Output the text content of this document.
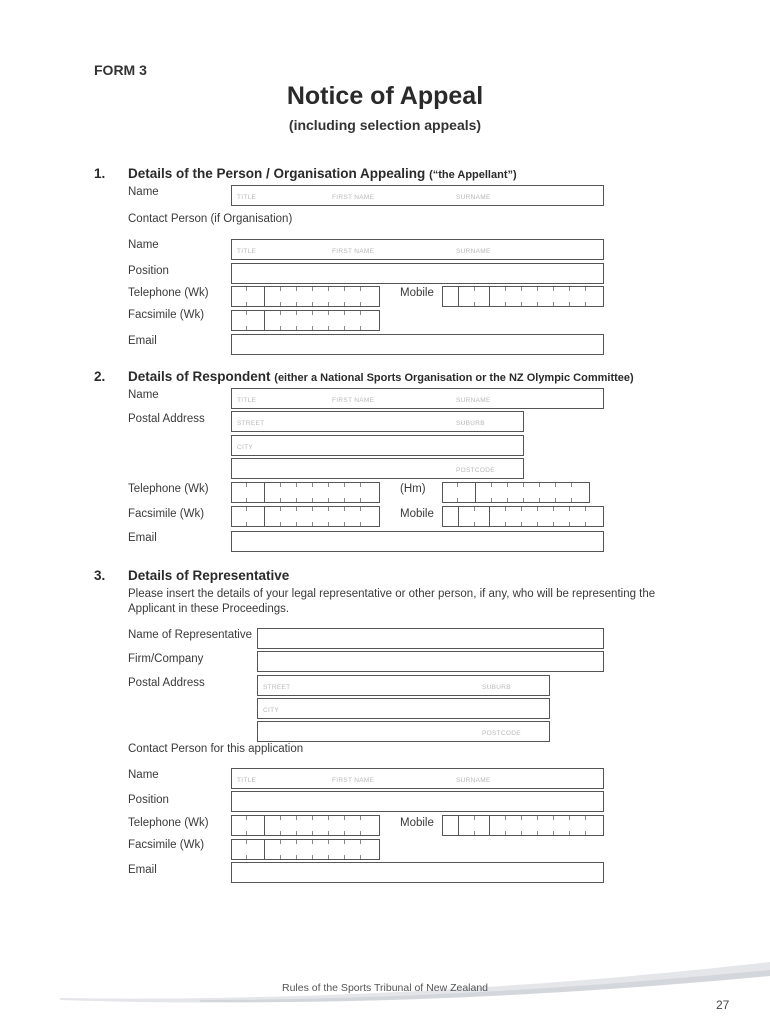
FORM 3
Notice of Appeal
(including selection appeals)
1. Details of the Person / Organisation Appealing (“the Appellant”)
Name	TITLE	FIRST NAME	SURNAME
Contact Person (if Organisation)
Name
TITLE	FIRST NAME	SURNAME
Position
Telephone (Wk)	Mobile
Facsimile (Wk)
Email
2. Details of Respondent (either a National Sports Organisation or the NZ Olympic Committee)
Name	TITLE	FIRST NAME	SURNAME
Postal Address	STREET	SUBURB
CITY
POSTCODE
Telephone (Wk)	(Hm)
Facsimile (Wk)	Mobile
Email
3. Details of Representative
Please insert the details of your legal representative or other person, if any, who will be representing the
Applicant in these Proceedings.
Name of Representative
Firm/Company
Postal Address	STREET	SUBURB
CITY
POSTCODE
Contact Person for this application
Name	TITLE	FIRST NAME	SURNAME
Position
Telephone (Wk)	Mobile
Facsimile (Wk)
Email
Rules of the Sports Tribunal of New Zealand
27
